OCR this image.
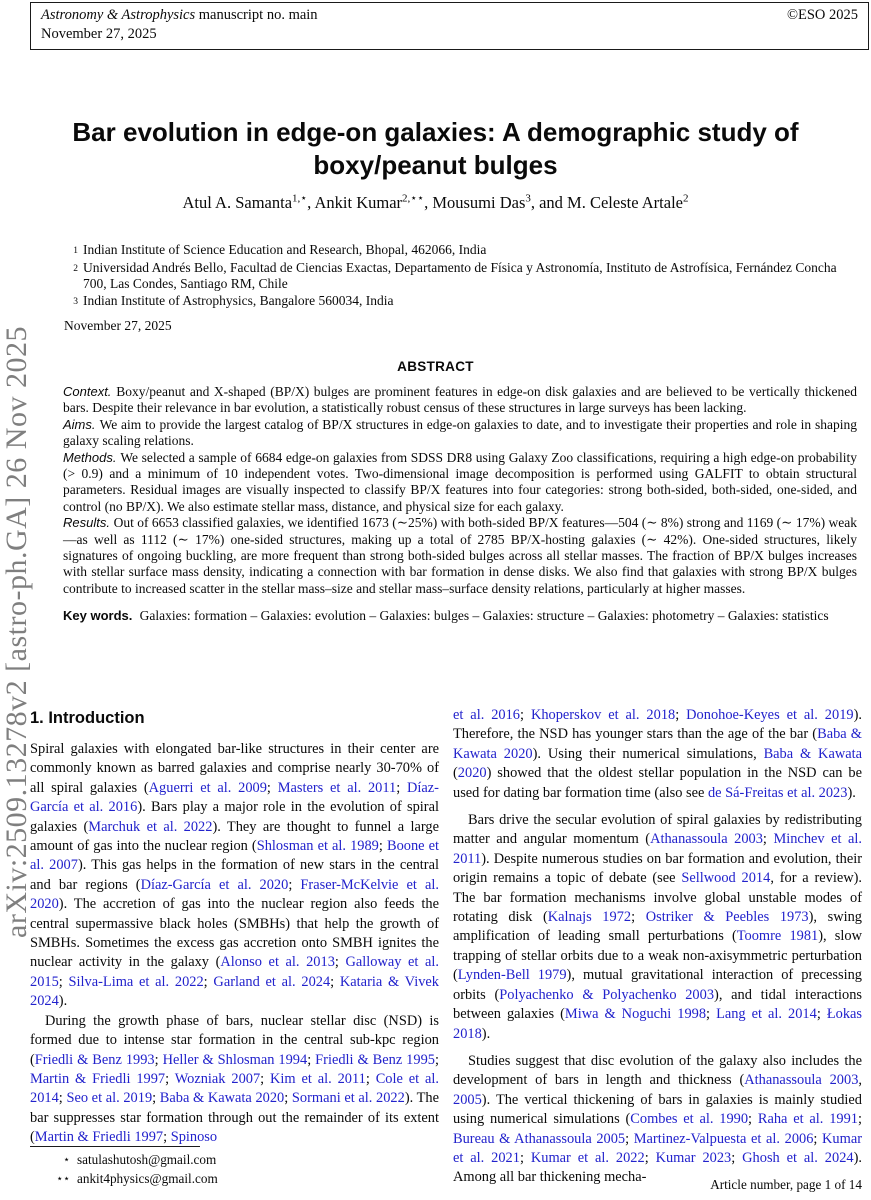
arXiv:2509.13278v2 [astro-ph.GA] 26 Nov 2025
Astronomy & Astrophysics manuscript no. main
November 27, 2025
©ESO 2025
Bar evolution in edge-on galaxies: A demographic study of boxy/peanut bulges
Atul A. Samanta$^{1,⋆}$, Ankit Kumar$^{2,⋆⋆}$, Mousumi Das$^3$, and M. Celeste Artale$^2$
1 Indian Institute of Science Education and Research, Bhopal, 462066, India
2 Universidad Andrés Bello, Facultad de Ciencias Exactas, Departamento de Física y Astronomía, Instituto de Astrofísica, Fernández Concha 700, Las Condes, Santiago RM, Chile
3 Indian Institute of Astrophysics, Bangalore 560034, India
November 27, 2025
ABSTRACT
Context. Boxy/peanut and X-shaped (BP/X) bulges are prominent features in edge-on disk galaxies and are believed to be vertically thickened bars. Despite their relevance in bar evolution, a statistically robust census of these structures in large surveys has been lacking.
Aims. We aim to provide the largest catalog of BP/X structures in edge-on galaxies to date, and to investigate their properties and role in shaping galaxy scaling relations.
Methods. We selected a sample of 6684 edge-on galaxies from SDSS DR8 using Galaxy Zoo classifications, requiring a high edge-on probability (> 0.9) and a minimum of 10 independent votes. Two-dimensional image decomposition is performed using GALFIT to obtain structural parameters. Residual images are visually inspected to classify BP/X features into four categories: strong both-sided, both-sided, one-sided, and control (no BP/X). We also estimate stellar mass, distance, and physical size for each galaxy.
Results. Out of 6653 classified galaxies, we identified 1673 (∼25%) with both-sided BP/X features—504 (∼ 8%) strong and 1169 (∼ 17%) weak—as well as 1112 (∼ 17%) one-sided structures, making up a total of 2785 BP/X-hosting galaxies (∼ 42%). One-sided structures, likely signatures of ongoing buckling, are more frequent than strong both-sided bulges across all stellar masses. The fraction of BP/X bulges increases with stellar surface mass density, indicating a connection with bar formation in dense disks. We also find that galaxies with strong BP/X bulges contribute to increased scatter in the stellar mass–size and stellar mass–surface density relations, particularly at higher masses.
Key words. Galaxies: formation – Galaxies: evolution – Galaxies: bulges – Galaxies: structure – Galaxies: photometry – Galaxies: statistics
1. Introduction

Spiral galaxies with elongated bar-like structures in their center are commonly known as barred galaxies and comprise nearly 30-70% of all spiral galaxies (Aguerri et al. 2009; Masters et al. 2011; Díaz-García et al. 2016). Bars play a major role in the evolution of spiral galaxies (Marchuk et al. 2022). They are thought to funnel a large amount of gas into the nuclear region (Shlosman et al. 1989; Boone et al. 2007). This gas helps in the formation of new stars in the central and bar regions (Díaz-García et al. 2020; Fraser-McKelvie et al. 2020). The accretion of gas into the nuclear region also feeds the central supermassive black holes (SMBHs) that help the growth of SMBHs. Sometimes the excess gas accretion onto SMBH ignites the nuclear activity in the galaxy (Alonso et al. 2013; Galloway et al. 2015; Silva-Lima et al. 2022; Garland et al. 2024; Kataria & Vivek 2024).

During the growth phase of bars, nuclear stellar disc (NSD) is formed due to intense star formation in the central sub-kpc region (Friedli & Benz 1993; Heller & Shlosman 1994; Friedli & Benz 1995; Martin & Friedli 1997; Wozniak 2007; Kim et al. 2011; Cole et al. 2014; Seo et al. 2019; Baba & Kawata 2020; Sormani et al. 2022). The bar suppresses star formation through out the remainder of its extent (Martin & Friedli 1997; Spinoso

et al. 2016; Khoperskov et al. 2018; Donohoe-Keyes et al. 2019). Therefore, the NSD has younger stars than the age of the bar (Baba & Kawata 2020). Using their numerical simulations, Baba & Kawata (2020) showed that the oldest stellar population in the NSD can be used for dating bar formation time (also see de Sá-Freitas et al. 2023).

Bars drive the secular evolution of spiral galaxies by redistributing matter and angular momentum (Athanassoula 2003; Minchev et al. 2011). Despite numerous studies on bar formation and evolution, their origin remains a topic of debate (see Sellwood 2014, for a review). The bar formation mechanisms involve global unstable modes of rotating disk (Kalnajs 1972; Ostriker & Peebles 1973), swing amplification of leading small perturbations (Toomre 1981), slow trapping of stellar orbits due to a weak non-axisymmetric perturbation (Lynden-Bell 1979), mutual gravitational interaction of precessing orbits (Polyachenko & Polyachenko 2003), and tidal interactions between galaxies (Miwa & Noguchi 1998; Lang et al. 2014; Łokas 2018).

Studies suggest that disc evolution of the galaxy also includes the development of bars in length and thickness (Athanassoula 2003, 2005). The vertical thickening of bars in galaxies is mainly studied using numerical simulations (Combes et al. 1990; Raha et al. 1991; Bureau & Athanassoula 2005; Martinez-Valpuesta et al. 2006; Kumar et al. 2021; Kumar et al. 2022; Kumar 2023; Ghosh et al. 2024). Among all bar thickening mecha-

⋆ satulashutosh@gmail.com
⋆⋆ ankit4physics@gmail.com	Article number, page 1 of 14
